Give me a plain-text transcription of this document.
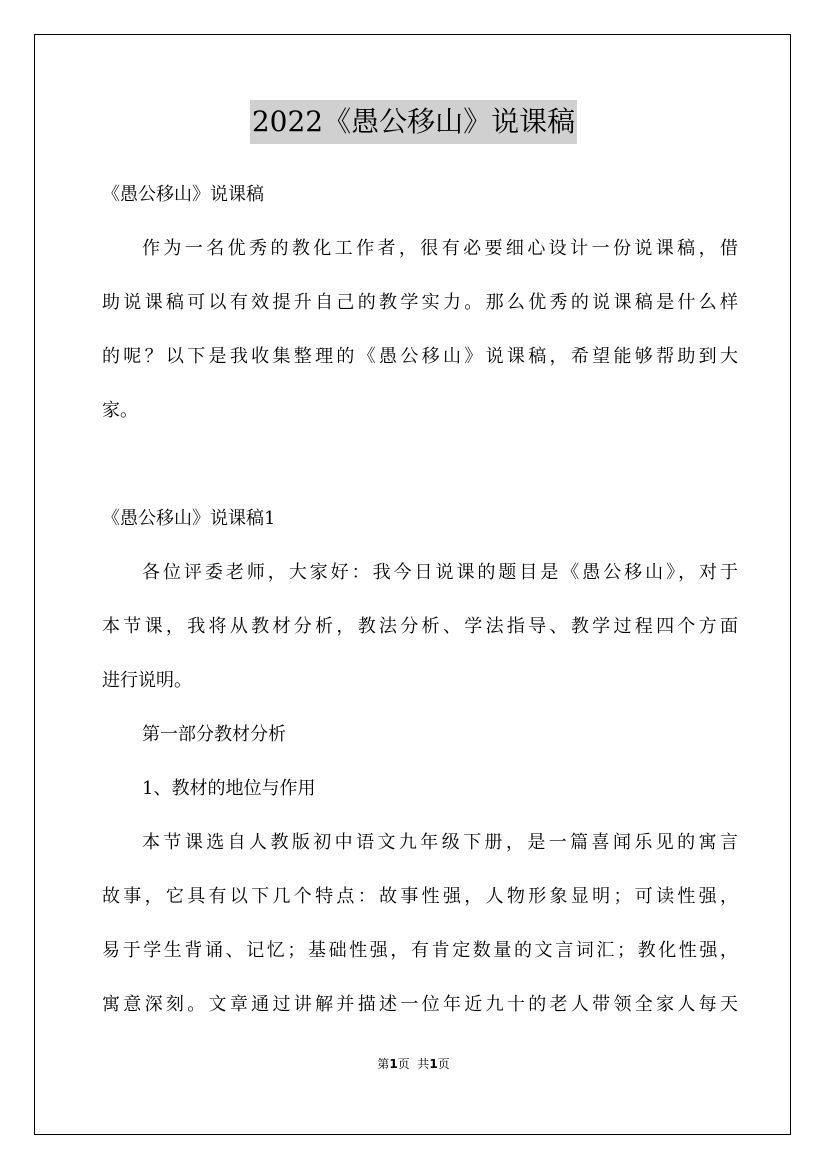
2022《愚公移山》说课稿
《愚公移山》说课稿
作为一名优秀的教化工作者，很有必要细心设计一份说课稿，借
助说课稿可以有效提升自己的教学实力。那么优秀的说课稿是什么样
的呢？以下是我收集整理的《愚公移山》说课稿，希望能够帮助到大
家。
《愚公移山》说课稿1
各位评委老师，大家好：我今日说课的题目是《愚公移山》，对于
本节课，我将从教材分析，教法分析、学法指导、教学过程四个方面
进行说明。
第一部分教材分析
1、教材的地位与作用
本节课选自人教版初中语文九年级下册，是一篇喜闻乐见的寓言
故事，它具有以下几个特点：故事性强，人物形象显明；可读性强，
易于学生背诵、记忆；基础性强，有肯定数量的文言词汇；教化性强，
寓意深刻。文章通过讲解并描述一位年近九十的老人带领全家人每天
第1页  共1页
